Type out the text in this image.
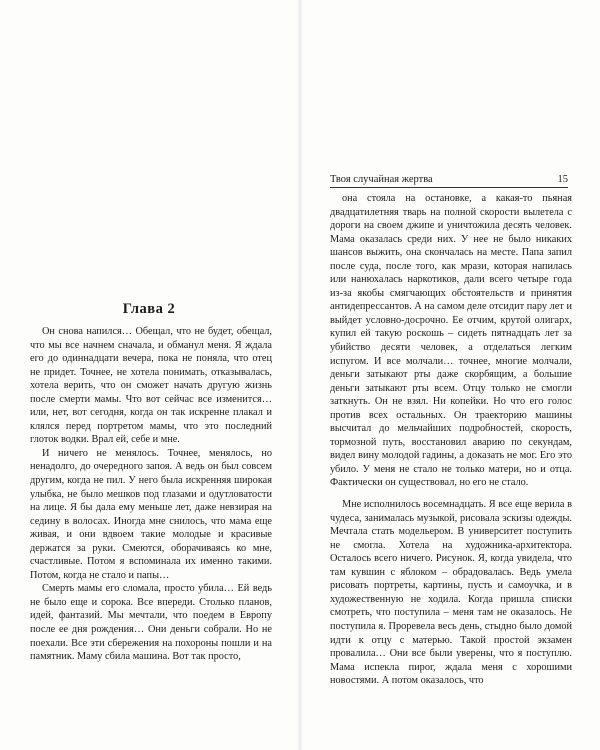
Глава 2

Он снова напился… Обещал, что не будет, обещал, что мы все начнем сначала, и обманул меня. Я ждала его до одиннадцати вечера, пока не поняла, что отец не придет. Точнее, не хотела понимать, отказывалась, хотела верить, что он сможет начать другую жизнь после смерти мамы. Что вот сейчас все изменится… или, нет, вот сегодня, когда он так искренне плакал и клялся перед портретом мамы, что это последний глоток водки. Врал ей, себе и мне.

И ничего не менялось. Точнее, менялось, но ненадолго, до очередного запоя. А ведь он был совсем другим, когда не пил. У него была искренняя широкая улыбка, не было мешков под глазами и одутловатости на лице. Я бы дала ему меньше лет, даже невзирая на седину в волосах. Иногда мне снилось, что мама еще живая, и они вдвоем такие молодые и красивые держатся за руки. Смеются, оборачиваясь ко мне, счастливые. Потом я вспоминала их именно такими. Потом, когда не стало и папы…

Смерть мамы его сломала, просто убила… Ей ведь не было еще и сорока. Все впереди. Столько планов, идей, фантазий. Мы мечтали, что поедем в Европу после ее дня рождения… Они деньги собрали. Но не поехали. Все эти сбережения на похороны пошли и на памятник. Маму сбила машина. Вот так просто,

Твоя случайная жертва	15

она стояла на остановке, а какая-то пьяная двадцатилетняя тварь на полной скорости вылетела с дороги на своем джипе и уничтожила десять человек. Мама оказалась среди них. У нее не было никаких шансов выжить, она скончалась на месте. Папа запил после суда, после того, как мрази, которая напилась или нанюхалась наркотиков, дали всего четыре года из-за якобы смягчающих обстоятельств и принятия антидепрессантов. А на самом деле отсидит пару лет и выйдет условно-досрочно. Ее отчим, крутой олигарх, купил ей такую роскошь – сидеть пятнадцать лет за убийство десяти человек, а отделаться легким испугом. И все молчали… точнее, многие молчали, деньги затыкают рты даже скорбящим, а большие деньги затыкают рты всем. Отцу только не смогли заткнуть. Он не взял. Ни копейки. Но что его голос против всех остальных. Он траекторию машины высчитал до мельчайших подробностей, скорость, тормозной путь, восстановил аварию по секундам, видел вину молодой гадины, а доказать не мог. Его это убило. У меня не стало не только матери, но и отца. Фактически он существовал, но его не стало.

Мне исполнилось восемнадцать. Я все еще верила в чудеса, занималась музыкой, рисовала эскизы одежды. Мечтала стать модельером. В университет поступить не смогла. Хотела на художника-архитектора. Осталось всего ничего. Рисунок. Я, когда увидела, что там кувшин с яблоком – обрадовалась. Ведь умела рисовать портреты, картины, пусть и самоучка, и в художественную не ходила. Когда пришла списки смотреть, что поступила – меня там не оказалось. Не поступила я. Проревела весь день, стыдно было домой идти к отцу с матерью. Такой простой экзамен провалила… Они все были уверены, что я поступлю. Мама испекла пирог, ждала меня с хорошими новостями. А потом оказалось, что
